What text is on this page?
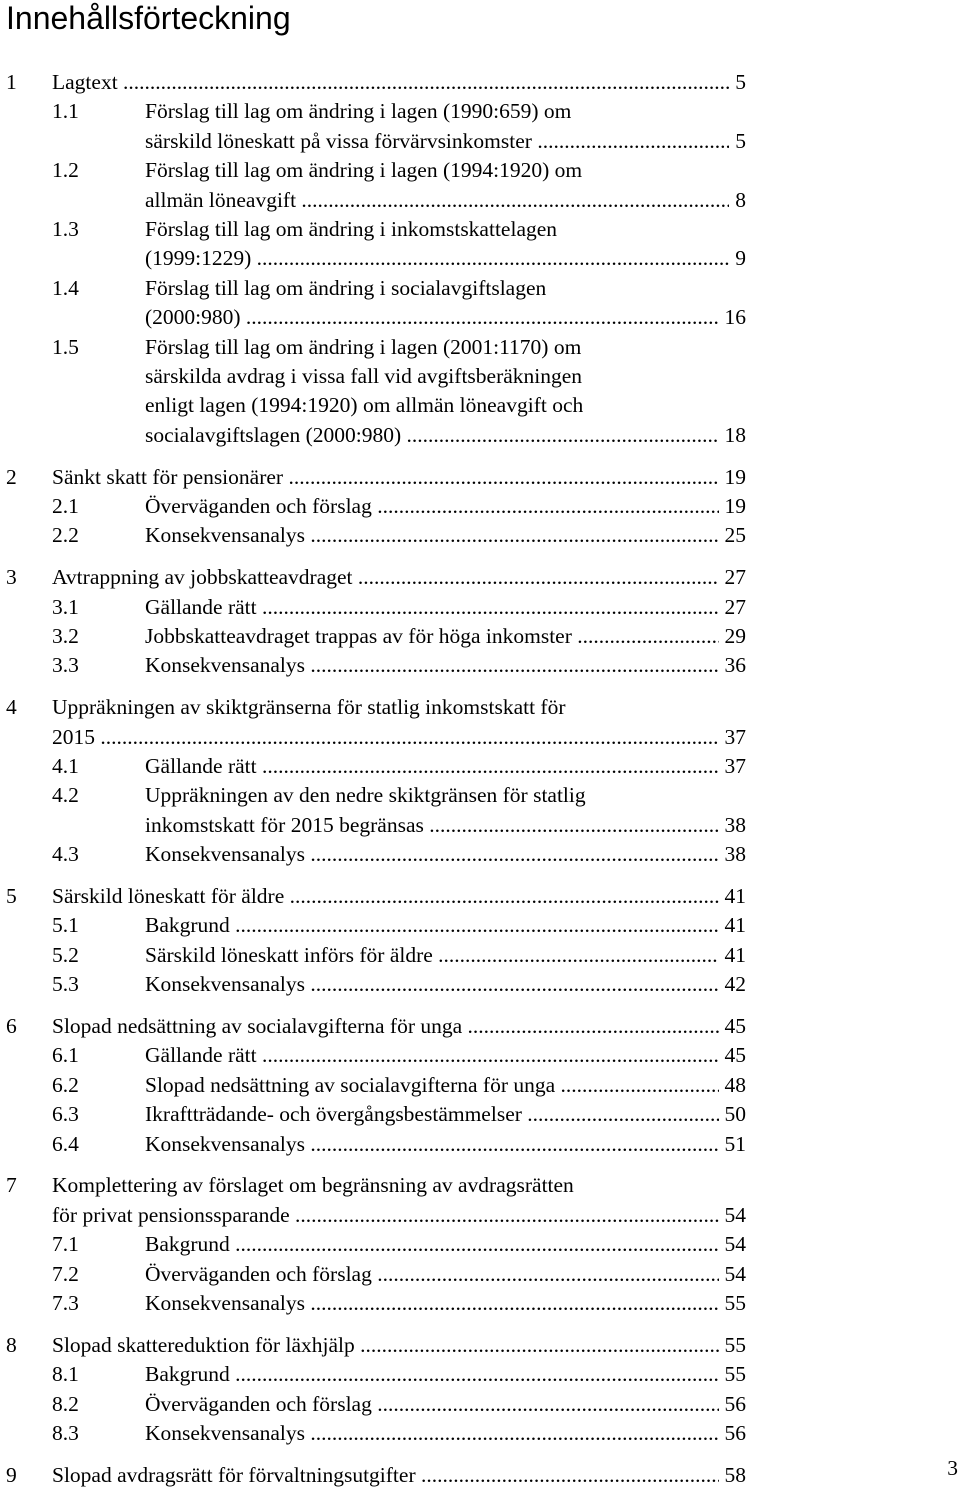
Innehållsförteckning
1 Lagtext .....	5
1.1	Förslag till lag om ändring i lagen (1990:659) om
särskild löneskatt på vissa förvärvsinkomster .....	5
1.2	Förslag till lag om ändring i lagen (1994:1920) om
allmän löneavgift .....	8
1.3	Förslag till lag om ändring i inkomstskattelagen
(1999:1229) .....	9
1.4	Förslag till lag om ändring i socialavgiftslagen
(2000:980) .....	16
1.5	Förslag till lag om ändring i lagen (2001:1170) om
särskilda avdrag i vissa fall vid avgiftsberäkningen
enligt lagen (1994:1920) om allmän löneavgift och
socialavgiftslagen (2000:980) .....	18
2 Sänkt skatt för pensionärer .....	19
2.1	Överväganden och förslag .....	19
2.2	Konsekvensanalys .....	25
3 Avtrappning av jobbskatteavdraget .....	27
3.1	Gällande rätt .....	27
3.2	Jobbskatteavdraget trappas av för höga inkomster .....	29
3.3	Konsekvensanalys .....	36
4 Uppräkningen av skiktgränserna för statlig inkomstskatt för
2015 .....	37
4.1	Gällande rätt .....	37
4.2	Uppräkningen av den nedre skiktgränsen för statlig
inkomstskatt för 2015 begränsas .....	38
4.3	Konsekvensanalys .....	38
5 Särskild löneskatt för äldre .....	41
5.1	Bakgrund .....	41
5.2	Särskild löneskatt införs för äldre .....	41
5.3	Konsekvensanalys .....	42
6 Slopad nedsättning av socialavgifterna för unga .....	45
6.1	Gällande rätt .....	45
6.2	Slopad nedsättning av socialavgifterna för unga .....	48
6.3	Ikraftträdande- och övergångsbestämmelser .....	50
6.4	Konsekvensanalys .....	51
7 Komplettering av förslaget om begränsning av avdragsrätten
för privat pensionssparande .....	54
7.1	Bakgrund .....	54
7.2	Överväganden och förslag .....	54
7.3	Konsekvensanalys .....	55
8 Slopad skattereduktion för läxhjälp .....	55
8.1	Bakgrund .....	55
8.2	Överväganden och förslag .....	56
8.3	Konsekvensanalys .....	56
9 Slopad avdragsrätt för förvaltningsutgifter .....	58	3
